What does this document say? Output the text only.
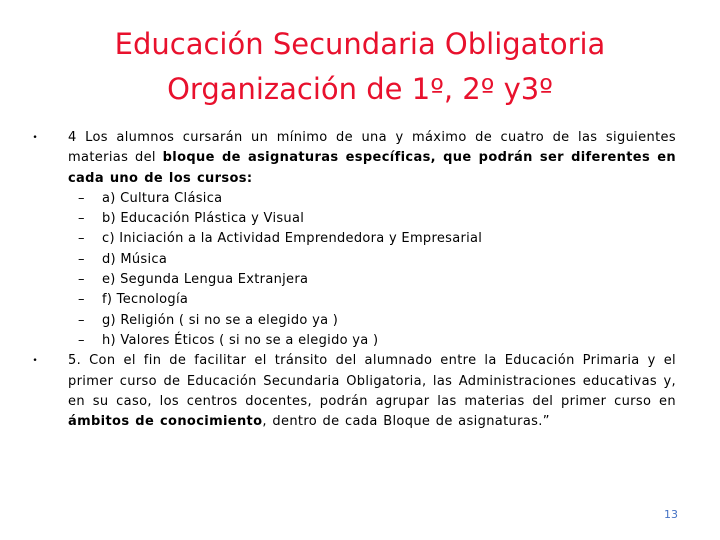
Educación Secundaria Obligatoria
Organización de 1º, 2º y3º
• 4 Los alumnos cursarán un mínimo de una y máximo de cuatro de las siguientes materias del bloque de asignaturas específicas, que podrán ser diferentes en cada uno de los cursos:
– a) Cultura Clásica
– b) Educación Plástica y Visual
– c) Iniciación a la Actividad Emprendedora y Empresarial
– d) Música
– e) Segunda Lengua Extranjera
– f) Tecnología
– g) Religión ( si no se a elegido ya )
– h) Valores Éticos ( si no se a elegido ya )
• 5. Con el fin de facilitar el tránsito del alumnado entre la Educación Primaria y el primer curso de Educación Secundaria Obligatoria, las Administraciones educativas y, en su caso, los centros docentes, podrán agrupar las materias del primer curso en ámbitos de conocimiento, dentro de cada Bloque de asignaturas.”
13
